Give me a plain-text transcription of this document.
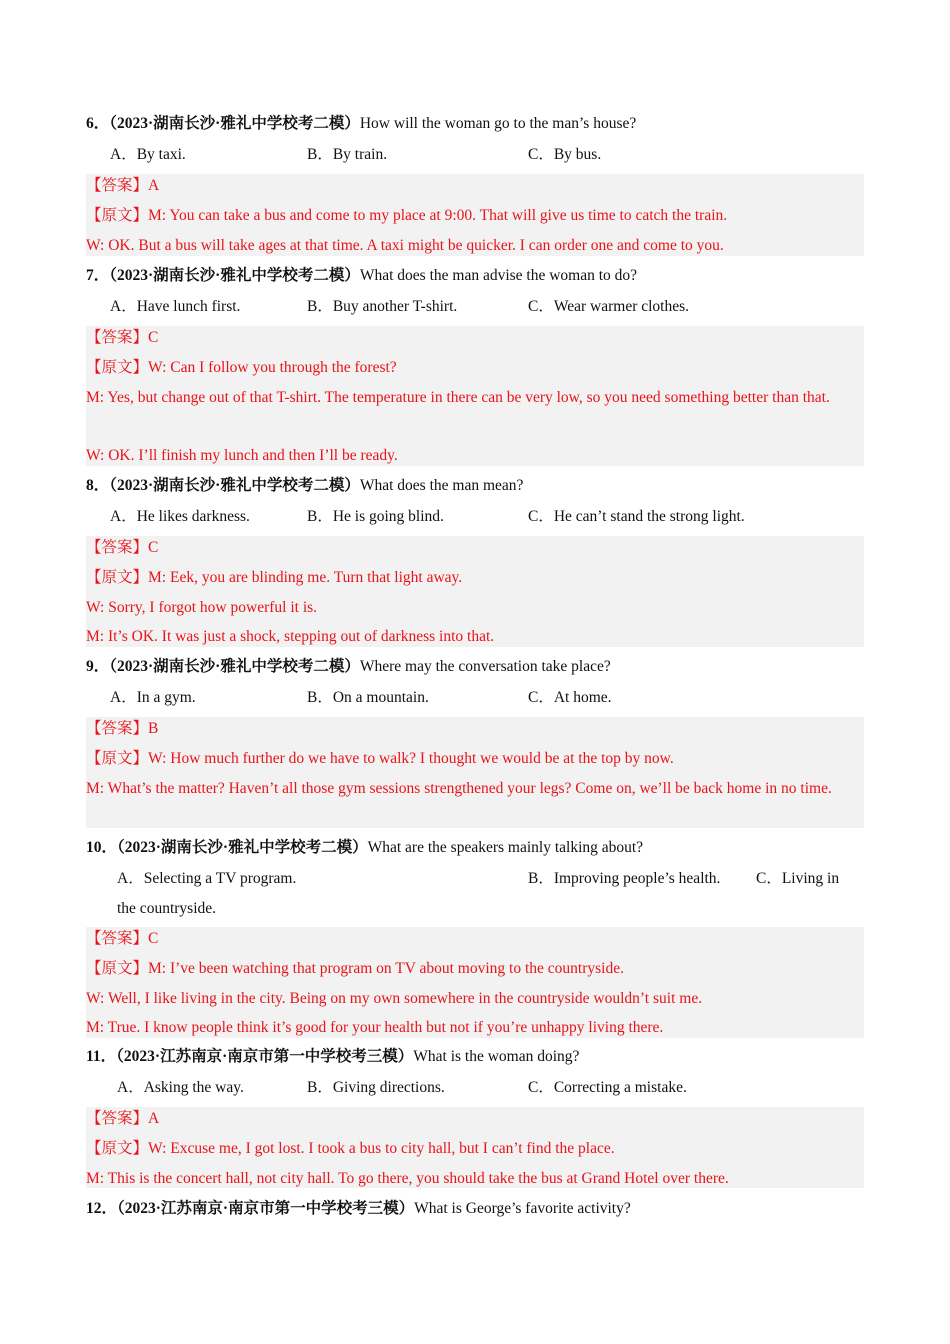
6．（2023·湖南长沙·雅礼中学校考二模）How will the woman go to the man’s house?
A．By taxi.	B．By train.	C．By bus.
【答案】A
【原文】M: You can take a bus and come to my place at 9:00. That will give us time to catch the train.
W: OK. But a bus will take ages at that time. A taxi might be quicker. I can order one and come to you.
7．（2023·湖南长沙·雅礼中学校考二模）What does the man advise the woman to do?
A．Have lunch first.	B．Buy another T-shirt.	C．Wear warmer clothes.
【答案】C
【原文】W: Can I follow you through the forest?
M: Yes, but change out of that T-shirt. The temperature in there can be very low, so you need something better than that.
W: OK. I’ll finish my lunch and then I’ll be ready.
8．（2023·湖南长沙·雅礼中学校考二模）What does the man mean?
A．He likes darkness.	B．He is going blind.	C．He can’t stand the strong light.
【答案】C
【原文】M: Eek, you are blinding me. Turn that light away.
W: Sorry, I forgot how powerful it is.
M: It’s OK. It was just a shock, stepping out of darkness into that.
9．（2023·湖南长沙·雅礼中学校考二模）Where may the conversation take place?
A．In a gym.	B．On a mountain.	C．At home.
【答案】B
【原文】W: How much further do we have to walk? I thought we would be at the top by now.
M: What’s the matter? Haven’t all those gym sessions strengthened your legs? Come on, we’ll be back home in no time.
10．（2023·湖南长沙·雅礼中学校考二模）What are the speakers mainly talking about?
A．Selecting a TV program.	B．Improving people’s health. C．Living in
the countryside.
【答案】C
【原文】M: I’ve been watching that program on TV about moving to the countryside.
W: Well, I like living in the city. Being on my own somewhere in the countryside wouldn’t suit me.
M: True. I know people think it’s good for your health but not if you’re unhappy living there.
11．（2023·江苏南京·南京市第一中学校考三模）What is the woman doing?
A．Asking the way.	B．Giving directions.	C．Correcting a mistake.
【答案】A
【原文】W: Excuse me, I got lost. I took a bus to city hall, but I can’t find the place.
M: This is the concert hall, not city hall. To go there, you should take the bus at Grand Hotel over there.
12．（2023·江苏南京·南京市第一中学校考三模）What is George’s favorite activity?
